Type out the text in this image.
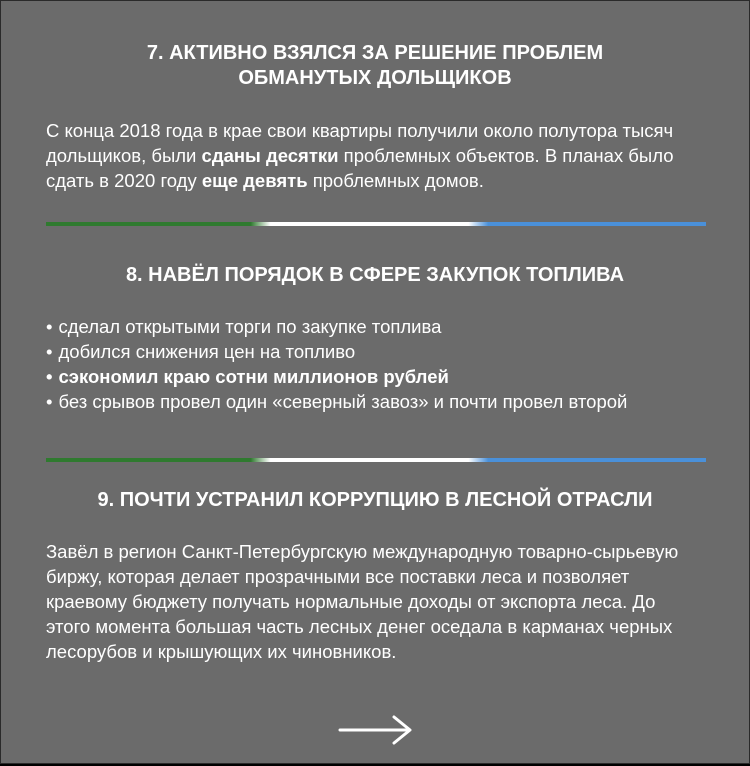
7. АКТИВНО ВЗЯЛСЯ ЗА РЕШЕНИЕ ПРОБЛЕМ
ОБМАНУТЫХ ДОЛЬЩИКОВ

С конца 2018 года в крае свои квартиры получили около полутора тысяч дольщиков, были сданы десятки проблемных объектов. В планах было сдать в 2020 году еще девять проблемных домов.

8. НАВЁЛ ПОРЯДОК В СФЕРЕ ЗАКУПОК ТОПЛИВА
• сделал открытыми торги по закупке топлива
• добился снижения цен на топливо
• сэкономил краю сотни миллионов рублей
• без срывов провел один «северный завоз» и почти провел второй
9. ПОЧТИ УСТРАНИЛ КОРРУПЦИЮ В ЛЕСНОЙ ОТРАСЛИ

Завёл в регион Санкт-Петербургскую международную товарно-сырьевую биржу, которая делает прозрачными все поставки леса и позволяет краевому бюджету получать нормальные доходы от экспорта леса. До этого момента большая часть лесных денег оседала в карманах черных лесорубов и крышующих их чиновников.
